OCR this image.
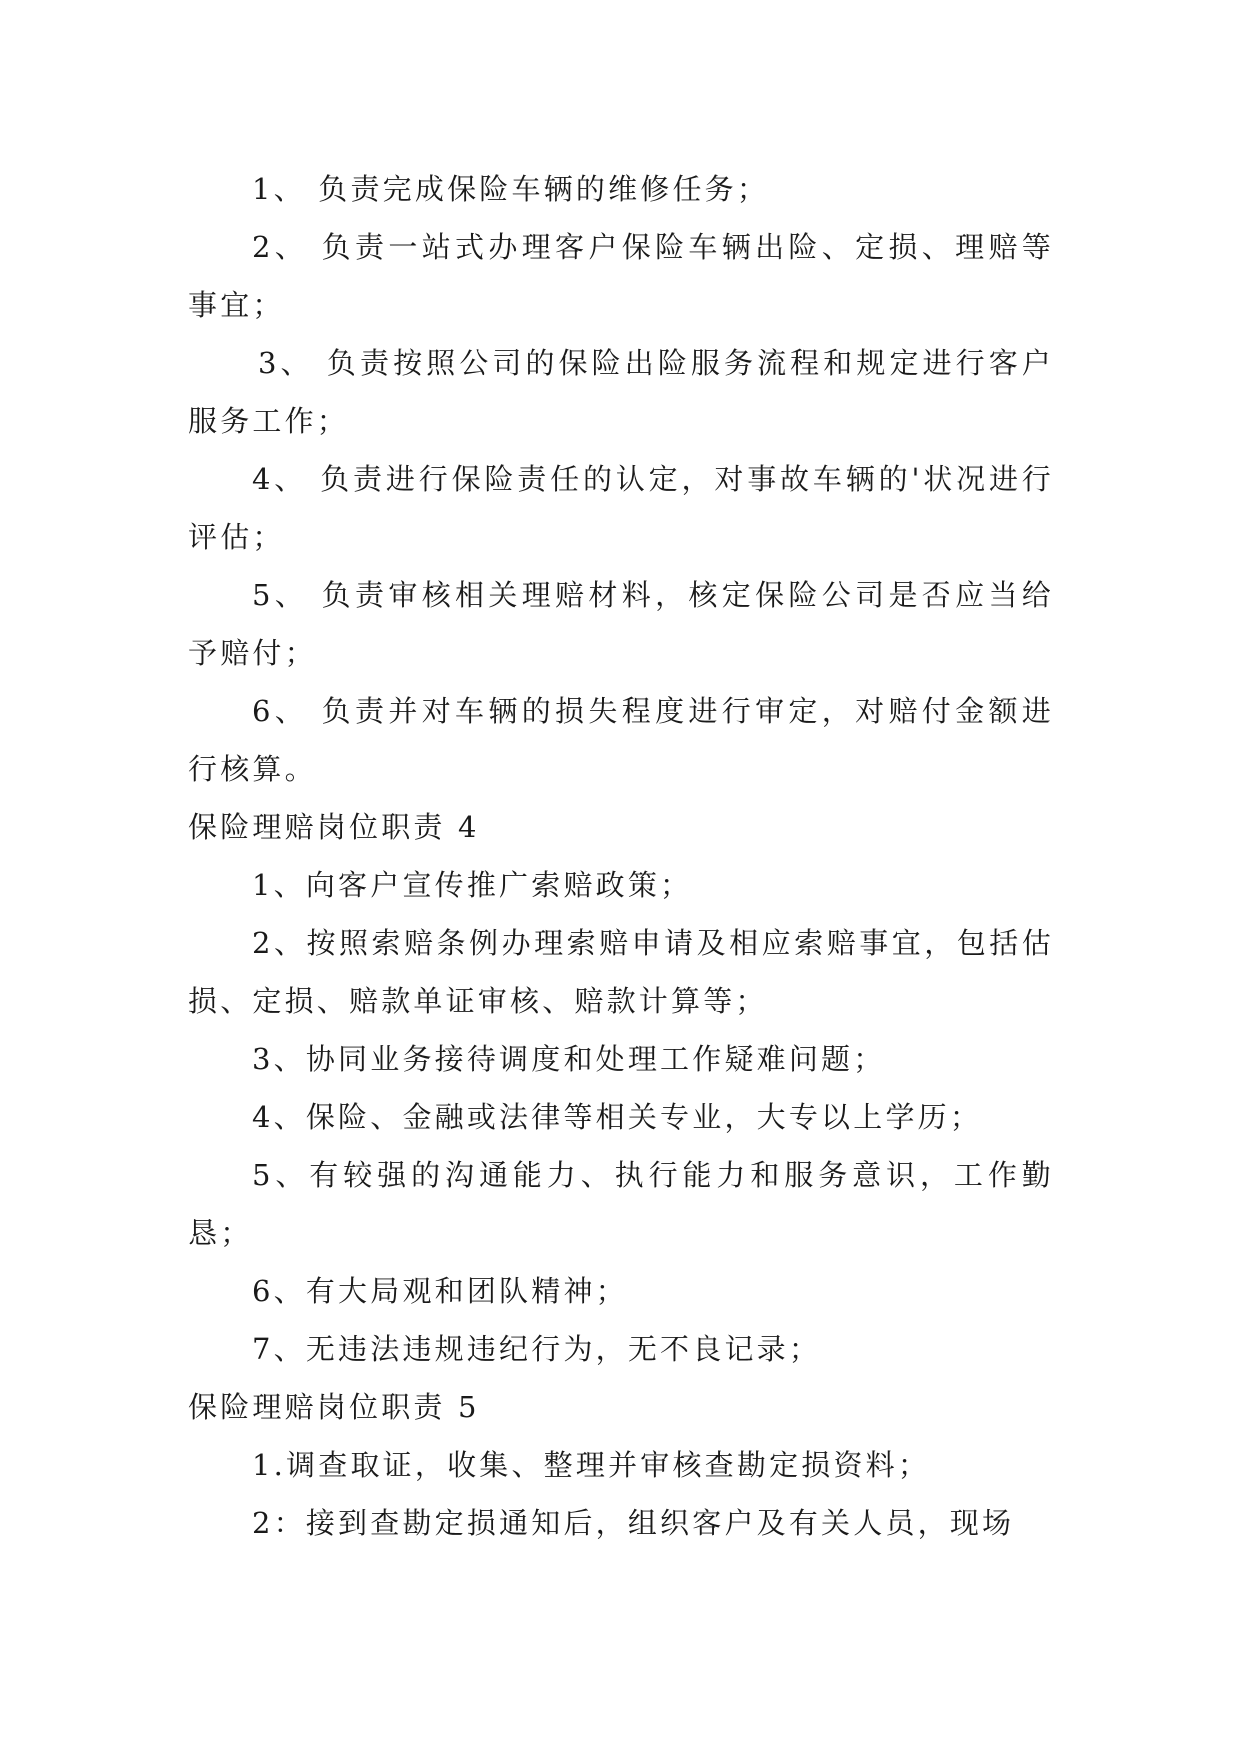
1、 负责完成保险车辆的维修任务；

2、 负责一站式办理客户保险车辆出险、定损、理赔等事宜；

3、 负责按照公司的保险出险服务流程和规定进行客户服务工作；

4、 负责进行保险责任的认定，对事故车辆的'状况进行评估；

5、 负责审核相关理赔材料，核定保险公司是否应当给予赔付；

6、 负责并对车辆的损失程度进行审定，对赔付金额进行核算。

保险理赔岗位职责 4

1、向客户宣传推广索赔政策；

2、按照索赔条例办理索赔申请及相应索赔事宜，包括估损、定损、赔款单证审核、赔款计算等；

3、协同业务接待调度和处理工作疑难问题；

4、保险、金融或法律等相关专业，大专以上学历；

5、有较强的沟通能力、执行能力和服务意识，工作勤恳；

6、有大局观和团队精神；

7、无违法违规违纪行为，无不良记录；

保险理赔岗位职责 5

1.调查取证，收集、整理并审核查勘定损资料；

2：接到查勘定损通知后，组织客户及有关人员，现场
